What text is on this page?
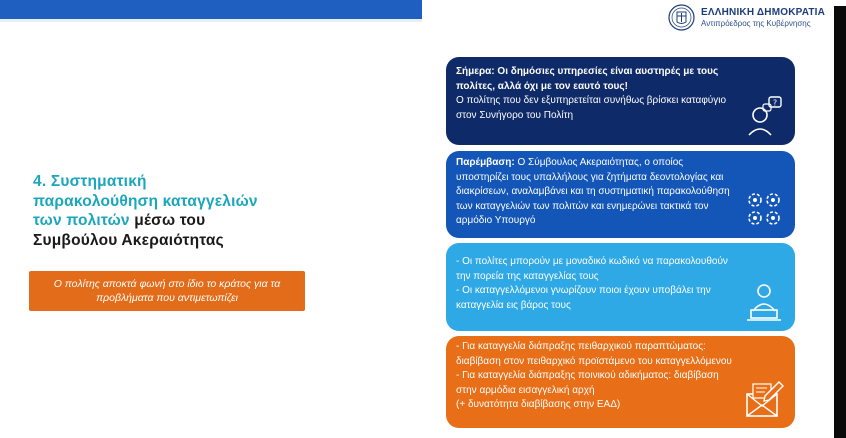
ΕΛΛΗΝΙΚΗ ΔΗΜΟΚΡΑΤΙΑ
Αντιπρόεδρος της Κυβέρνησης
4. Συστηματική
παρακολούθηση καταγγελιών
των πολιτών μέσω του
Συμβούλου Ακεραιότητας
Ο πολίτης αποκτά φωνή στο ίδιο το κράτος για τα προβλήματα που αντιμετωπίζει

Σήμερα: Οι δημόσιες υπηρεσίες είναι αυστηρές με τους πολίτες, αλλά όχι με τον εαυτό τους!

Ο πολίτης που δεν εξυπηρετείται συνήθως βρίσκει καταφύγιο στον Συνήγορο του Πολίτη

?

Παρέμβαση: Ο Σύμβουλος Ακεραιότητας, ο οποίος υποστηρίζει τους υπαλλήλους για ζητήματα δεοντολογίας και διακρίσεων, αναλαμβάνει και τη συστηματική παρακολούθηση των καταγγελιών των πολιτών και ενημερώνει τακτικά τον αρμόδιο Υπουργό

- Οι πολίτες μπορούν με μοναδικό κωδικό να παρακολουθούν την πορεία της καταγγελίας τους

- Οι καταγγελλόμενοι γνωρίζουν ποιοι έχουν υποβάλει την καταγγελία εις βάρος τους

- Για καταγγελία διάπραξης πειθαρχικού παραπτώματος: διαβίβαση στον πειθαρχικό προϊστάμενο του καταγγελλόμενου

- Για καταγγελία διάπραξης ποινικού αδικήματος: διαβίβαση στην αρμόδια εισαγγελική αρχή

(+ δυνατότητα διαβίβασης στην ΕΑΔ)
